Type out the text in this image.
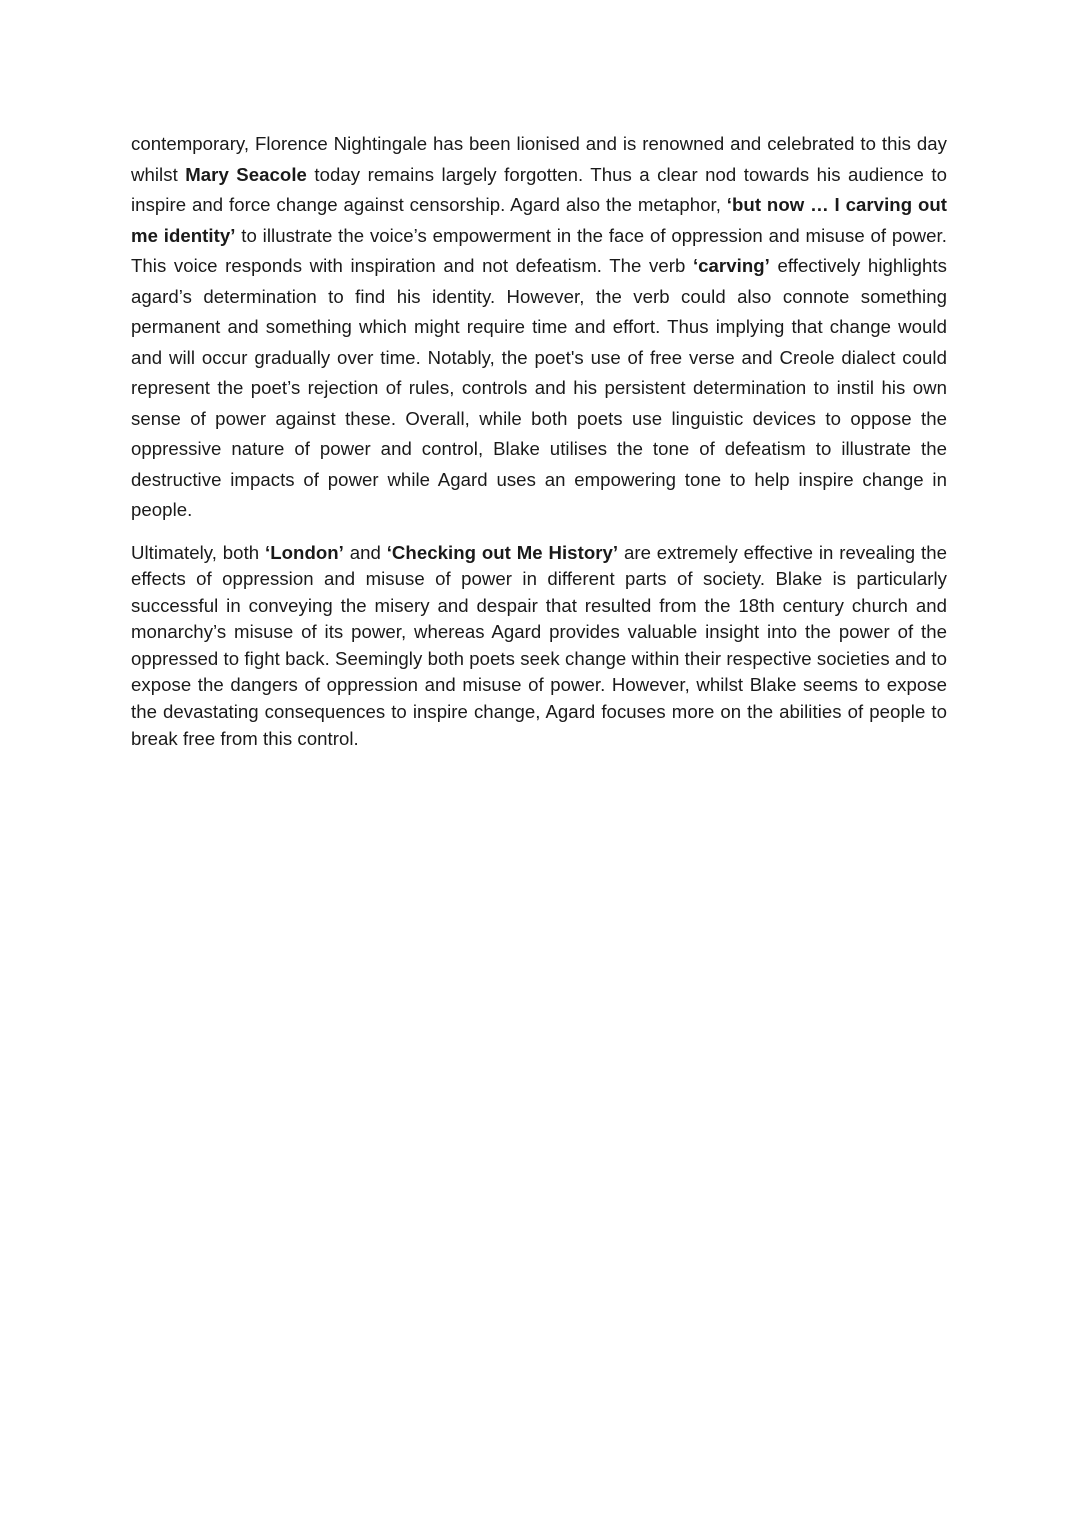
contemporary, Florence Nightingale has been lionised and is renowned and celebrated to this day whilst Mary Seacole today remains largely forgotten. Thus a clear nod towards his audience to inspire and force change against censorship. Agard also the metaphor, ‘but now … I carving out me identity’ to illustrate the voice’s empowerment in the face of oppression and misuse of power. This voice responds with inspiration and not defeatism. The verb ‘carving’ effectively highlights agard’s determination to find his identity. However, the verb could also connote something permanent and something which might require time and effort. Thus implying that change would and will occur gradually over time. Notably, the poet's use of free verse and Creole dialect could represent the poet’s rejection of rules, controls and his persistent determination to instil his own sense of power against these. Overall, while both poets use linguistic devices to oppose the oppressive nature of power and control, Blake utilises the tone of defeatism to illustrate the destructive impacts of power while Agard uses an empowering tone to help inspire change in people.

Ultimately, both ‘London’ and ‘Checking out Me History’ are extremely effective in revealing the effects of oppression and misuse of power in different parts of society. Blake is particularly successful in conveying the misery and despair that resulted from the 18th century church and monarchy’s misuse of its power, whereas Agard provides valuable insight into the power of the oppressed to fight back. Seemingly both poets seek change within their respective societies and to expose the dangers of oppression and misuse of power. However, whilst Blake seems to expose the devastating consequences to inspire change, Agard focuses more on the abilities of people to break free from this control.
